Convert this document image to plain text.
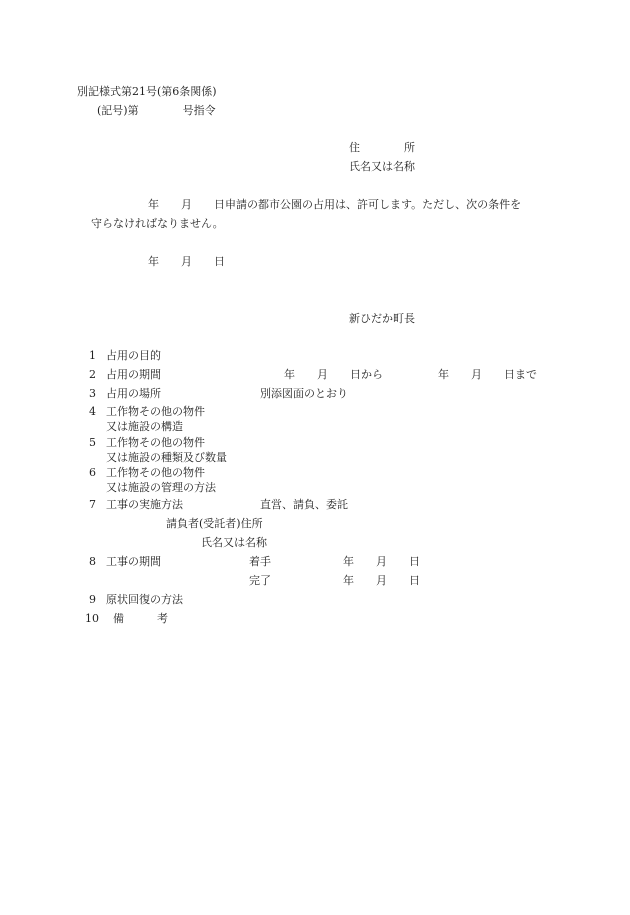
別記様式第21号(第6条関係)
(記号)第　　　　号指令
住　　　　所
氏名又は名称
年　　月　　日申請の都市公園の占用は、許可します。ただし、次の条件を
守らなければなりません。
年　　月　　日
新ひだか町長
1 占用の目的
2 占用の期間	年　　月　　日から	年　　月　　日まで
3 占用の場所	別添図面のとおり
4 工作物その他の物件
又は施設の構造
5 工作物その他の物件
又は施設の種類及び数量
6 工作物その他の物件
又は施設の管理の方法
7 工事の実施方法	直営、請負、委託
請負者(受託者)住所
氏名又は名称
8 工事の期間	着手	年　　月　　日
完了	年　　月　　日
9 原状回復の方法
10 備　　　考
